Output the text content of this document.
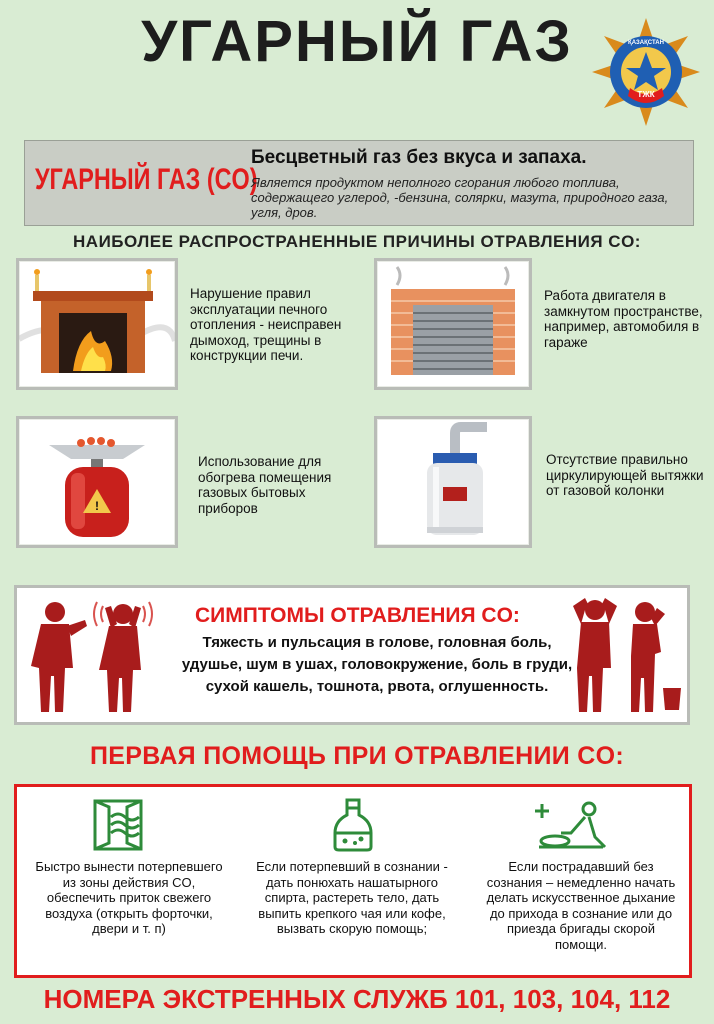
УГАРНЫЙ ГАЗ
ТЖК
ҚАЗАҚСТАН
УГАРНЫЙ ГАЗ (CO)
Бесцветный газ без вкуса и запаха.
Является продуктом неполного сгорания любого топлива, содержащего углерод, -бензина, солярки, мазута, природного газа, угля, дров.
НАИБОЛЕЕ РАСПРОСТРАНЕННЫЕ ПРИЧИНЫ ОТРАВЛЕНИЯ CO:
Нарушение правил эксплуатации печного отопления - неисправен дымоход, трещины в конструкции печи.
Работа двигателя в замкнутом пространстве, например, автомобиля в гараже
!
Использование для обогрева помещения газовых бытовых приборов
Отсутствие правильно циркулирующей вытяжки от газовой колонки
СИМПТОМЫ ОТРАВЛЕНИЯ CO:
Тяжесть и пульсация в голове, головная боль, удушье, шум в ушах, головокружение, боль в груди, сухой кашель, тошнота, рвота, оглушенность.
ПЕРВАЯ ПОМОЩЬ ПРИ ОТРАВЛЕНИИ CO:
Быстро вынести потерпевшего из зоны действия CO, обеспечить приток свежего воздуха (открыть форточки, двери и т. п)
Если потерпевший в сознании - дать понюхать нашатырного спирта, растереть тело, дать выпить крепкого чая или кофе, вызвать скорую помощь;
Если пострадавший без сознания – немедленно начать делать искусственное дыхание до прихода в сознание или до приезда бригады скорой помощи.
НОМЕРА ЭКСТРЕННЫХ СЛУЖБ 101, 103, 104, 112
